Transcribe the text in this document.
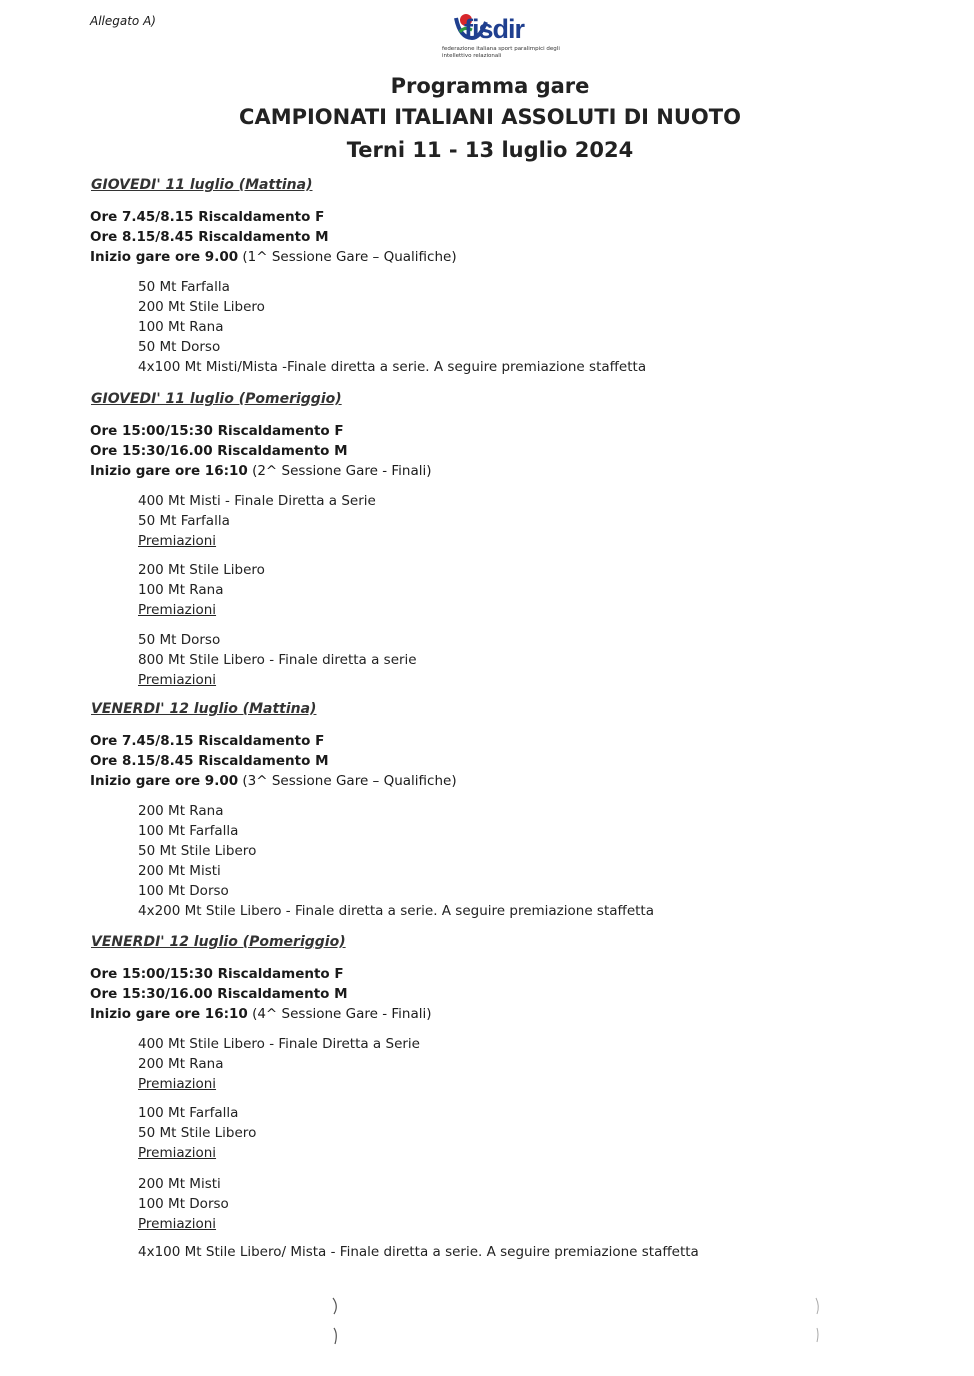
Allegato A)	fisdir
federazione italiana sport paralimpici degli intellettivo relazionali
Programma gare
CAMPIONATI ITALIANI ASSOLUTI DI NUOTO
Terni 11 - 13 luglio 2024
GIOVEDI' 11 luglio (Mattina)
Ore 7.45/8.15 Riscaldamento F
Ore 8.15/8.45 Riscaldamento M
Inizio gare ore 9.00 (1^ Sessione Gare – Qualifiche)
50 Mt Farfalla
200 Mt Stile Libero
100 Mt Rana
50 Mt Dorso
4x100 Mt Misti/Mista -Finale diretta a serie. A seguire premiazione staffetta
GIOVEDI' 11 luglio (Pomeriggio)
Ore 15:00/15:30 Riscaldamento F
Ore 15:30/16.00 Riscaldamento M
Inizio gare ore 16:10 (2^ Sessione Gare - Finali)
400 Mt Misti - Finale Diretta a Serie
50 Mt Farfalla
Premiazioni
200 Mt Stile Libero
100 Mt Rana
Premiazioni
50 Mt Dorso
800 Mt Stile Libero - Finale diretta a serie
Premiazioni
VENERDI' 12 luglio (Mattina)
Ore 7.45/8.15 Riscaldamento F
Ore 8.15/8.45 Riscaldamento M
Inizio gare ore 9.00 (3^ Sessione Gare – Qualifiche)
200 Mt Rana
100 Mt Farfalla
50 Mt Stile Libero
200 Mt Misti
100 Mt Dorso
4x200 Mt Stile Libero - Finale diretta a serie. A seguire premiazione staffetta
VENERDI' 12 luglio (Pomeriggio)
Ore 15:00/15:30 Riscaldamento F
Ore 15:30/16.00 Riscaldamento M
Inizio gare ore 16:10 (4^ Sessione Gare - Finali)
400 Mt Stile Libero - Finale Diretta a Serie
200 Mt Rana
Premiazioni
100 Mt Farfalla
50 Mt Stile Libero
Premiazioni
200 Mt Misti
100 Mt Dorso
Premiazioni
4x100 Mt Stile Libero/ Mista - Finale diretta a serie. A seguire premiazione staffetta
